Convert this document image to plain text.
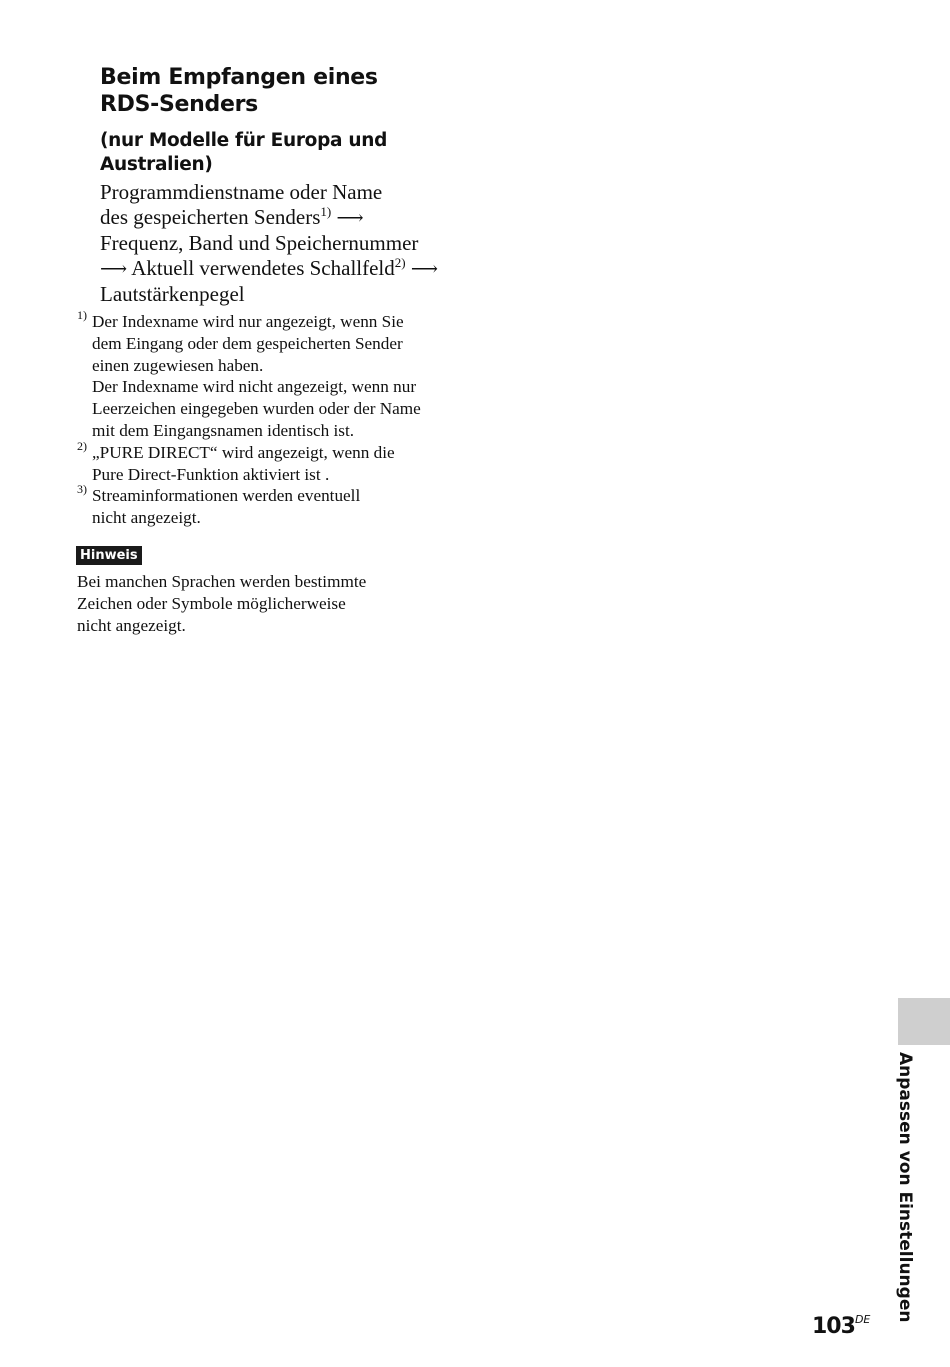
Beim Empfangen eines
RDS-Senders
(nur Modelle für Europa und
Australien)
Programmdienstname oder Name
des gespeicherten Senders$^{1)}$ ⟶
Frequenz, Band und Speichernummer
⟶ Aktuell verwendetes Schallfeld$^{2)}$ ⟶
Lautstärkenpegel
1) Der Indexname wird nur angezeigt, wenn Sie
dem Eingang oder dem gespeicherten Sender
einen zugewiesen haben.
Der Indexname wird nicht angezeigt, wenn nur
Leerzeichen eingegeben wurden oder der Name
mit dem Eingangsnamen identisch ist.
2) „PURE DIRECT“ wird angezeigt, wenn die
Pure Direct-Funktion aktiviert ist .
3) Streaminformationen werden eventuell
nicht angezeigt.
Hinweis
Bei manchen Sprachen werden bestimmte
Zeichen oder Symbole möglicherweise
nicht angezeigt.
Anpassen von Einstellungen
103DE
